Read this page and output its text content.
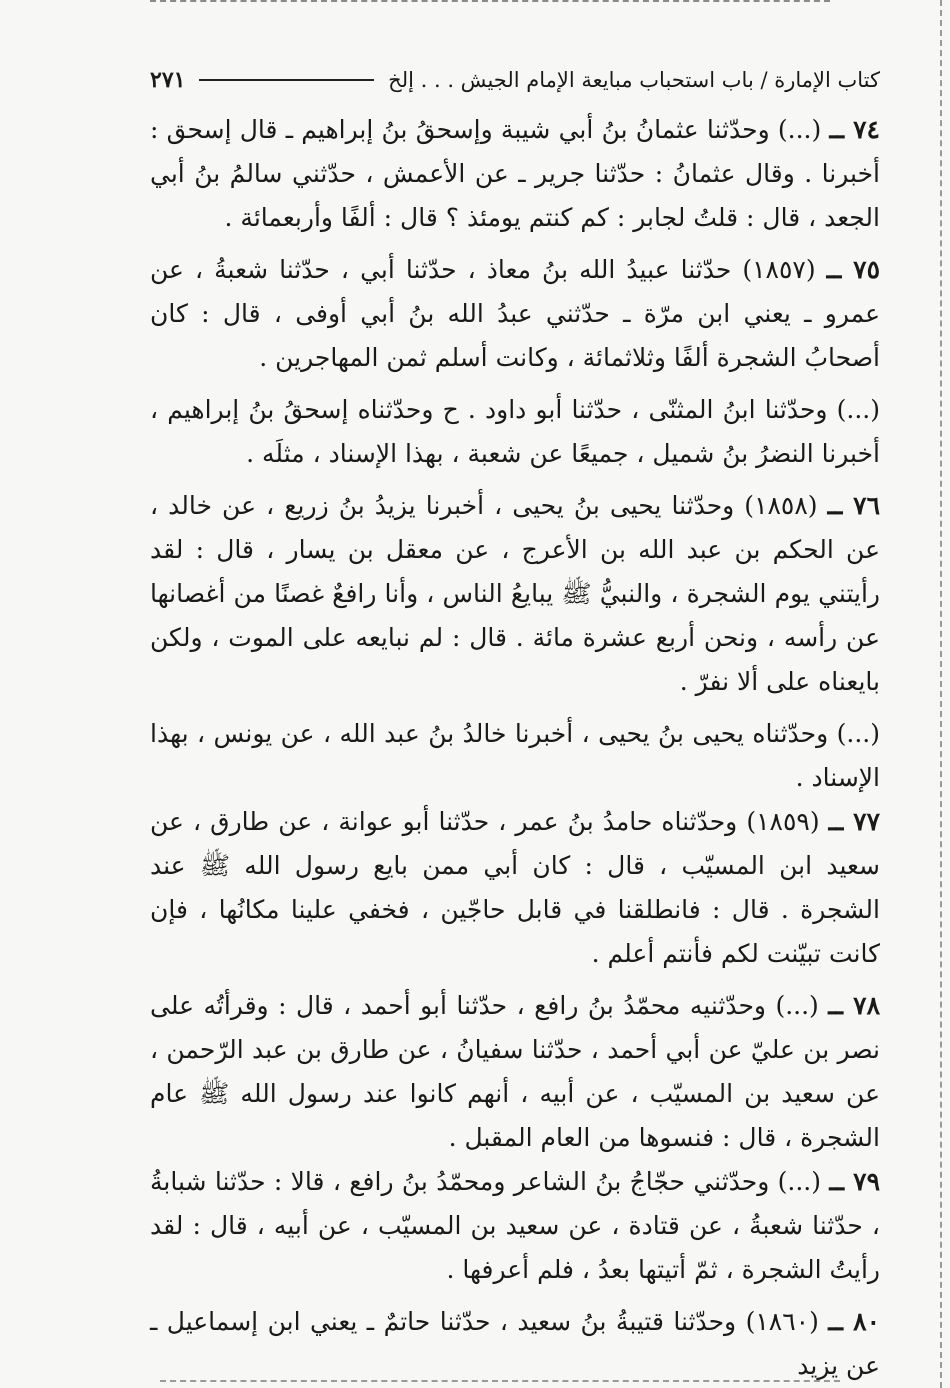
كتاب الإمارة / باب استحباب مبايعة الإمام الجيش . . . إلخ
٢٧١

٧٤ ــ (...) وحدّثنا عثمانُ بنُ أبي شيبة وإسحقُ بنُ إبراهيم ـ قال إسحق : أخبرنا . وقال عثمانُ : حدّثنا جرير ـ عن الأعمش ، حدّثني سالمُ بنُ أبي الجعد ، قال : قلتُ لجابر : كم كنتم يومئذ ؟ قال : ألفًا وأربعمائة .

٧٥ ــ (١٨٥٧) حدّثنا عبيدُ الله بنُ معاذ ، حدّثنا أبي ، حدّثنا شعبةُ ، عن عمرو ـ يعني ابن مرّة ـ حدّثني عبدُ الله بنُ أبي أوفى ، قال : كان أصحابُ الشجرة ألفًا وثلاثمائة ، وكانت أسلم ثمن المهاجرين .

(...) وحدّثنا ابنُ المثنّى ، حدّثنا أبو داود . ح وحدّثناه إسحقُ بنُ إبراهيم ، أخبرنا النضرُ بنُ شميل ، جميعًا عن شعبة ، بهذا الإسناد ، مثلَه .

٧٦ ــ (١٨٥٨) وحدّثنا يحيى بنُ يحيى ، أخبرنا يزيدُ بنُ زريع ، عن خالد ، عن الحكم بن عبد الله بن الأعرج ، عن معقل بن يسار ، قال : لقد رأيتني يوم الشجرة ، والنبيُّ ﷺ يبايعُ الناس ، وأنا رافعٌ غصنًا من أغصانها عن رأسه ، ونحن أربع عشرة مائة . قال : لم نبايعه على الموت ، ولكن بايعناه على ألا نفرّ .

(...) وحدّثناه يحيى بنُ يحيى ، أخبرنا خالدُ بنُ عبد الله ، عن يونس ، بهذا الإسناد .

٧٧ ــ (١٨٥٩) وحدّثناه حامدُ بنُ عمر ، حدّثنا أبو عوانة ، عن طارق ، عن سعيد ابن المسيّب ، قال : كان أبي ممن بايع رسول الله ﷺ عند الشجرة . قال : فانطلقنا في قابل حاجّين ، فخفي علينا مكانُها ، فإن كانت تبيّنت لكم فأنتم أعلم .

٧٨ ــ (...) وحدّثنيه محمّدُ بنُ رافع ، حدّثنا أبو أحمد ، قال : وقرأتُه على نصر بن عليّ عن أبي أحمد ، حدّثنا سفيانُ ، عن طارق بن عبد الرّحمن ، عن سعيد بن المسيّب ، عن أبيه ، أنهم كانوا عند رسول الله ﷺ عام الشجرة ، قال : فنسوها من العام المقبل .

٧٩ ــ (...) وحدّثني حجّاجُ بنُ الشاعر ومحمّدُ بنُ رافع ، قالا : حدّثنا شبابةُ ، حدّثنا شعبةُ ، عن قتادة ، عن سعيد بن المسيّب ، عن أبيه ، قال : لقد رأيتُ الشجرة ، ثمّ أتيتها بعدُ ، فلم أعرفها .

٨٠ ــ (١٨٦٠) وحدّثنا قتيبةُ بنُ سعيد ، حدّثنا حاتمٌ ـ يعني ابن إسماعيل ـ عن يزيد
